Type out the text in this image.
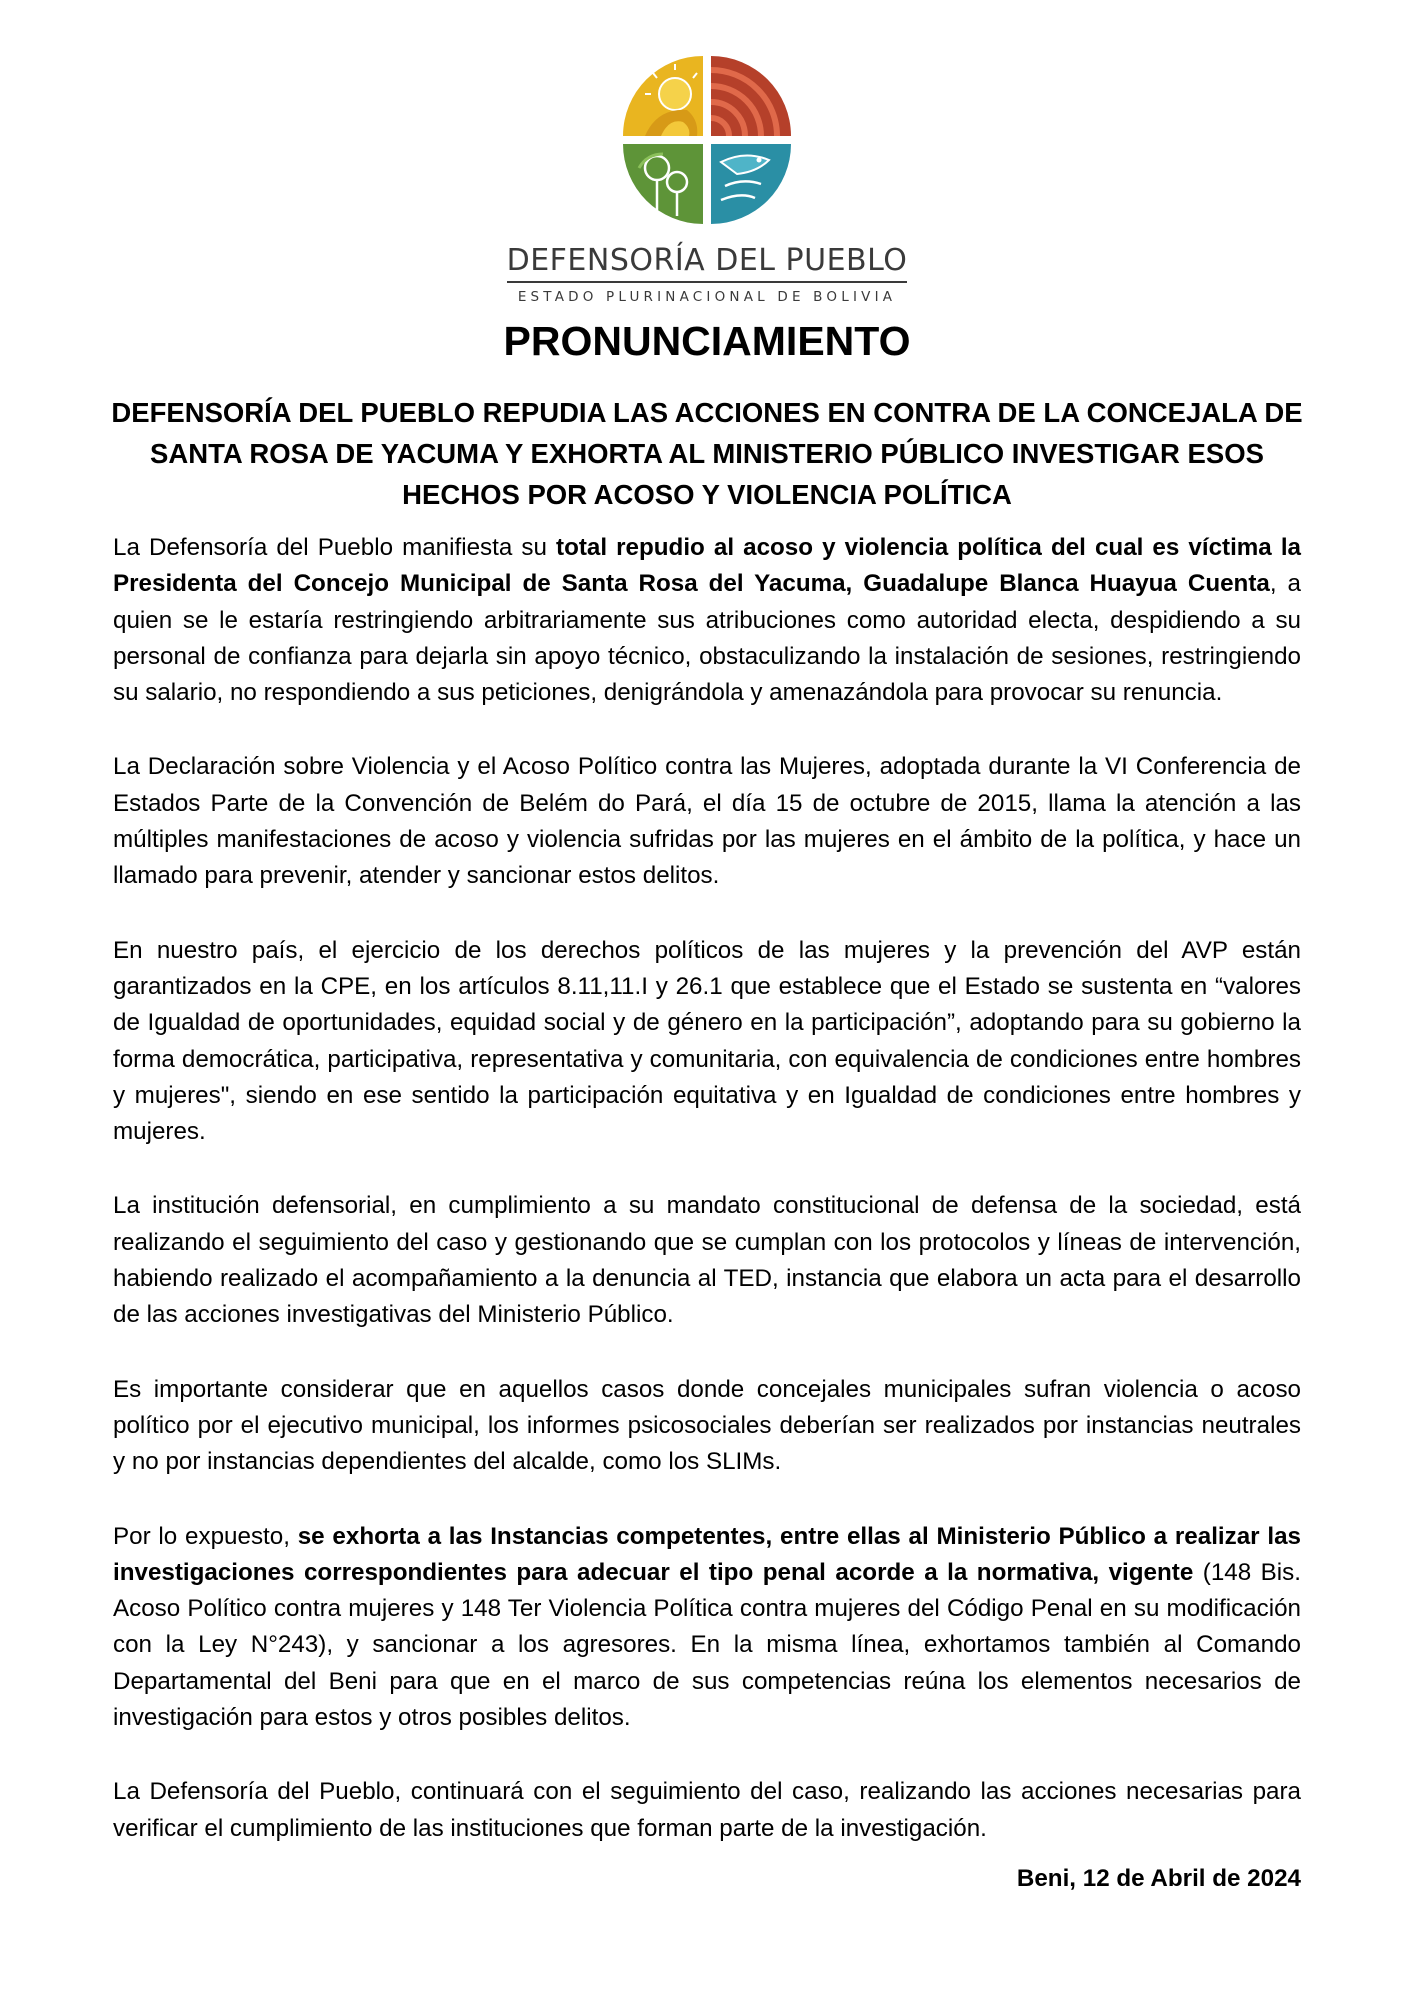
DEFENSORÍA DEL PUEBLO
ESTADO PLURINACIONAL DE BOLIVIA
PRONUNCIAMIENTO
DEFENSORÍA DEL PUEBLO REPUDIA LAS ACCIONES EN CONTRA DE LA CONCEJALA DE SANTA ROSA DE YACUMA Y EXHORTA AL MINISTERIO PÚBLICO INVESTIGAR ESOS HECHOS POR ACOSO Y VIOLENCIA POLÍTICA

La Defensoría del Pueblo manifiesta su total repudio al acoso y violencia política del cual es víctima la Presidenta del Concejo Municipal de Santa Rosa del Yacuma, Guadalupe Blanca Huayua Cuenta, a quien se le estaría restringiendo arbitrariamente sus atribuciones como autoridad electa, despidiendo a su personal de confianza para dejarla sin apoyo técnico, obstaculizando la instalación de sesiones, restringiendo su salario, no respondiendo a sus peticiones, denigrándola y amenazándola para provocar su renuncia.

La Declaración sobre Violencia y el Acoso Político contra las Mujeres, adoptada durante la VI Conferencia de Estados Parte de la Convención de Belém do Pará, el día 15 de octubre de 2015, llama la atención a las múltiples manifestaciones de acoso y violencia sufridas por las mujeres en el ámbito de la política, y hace un llamado para prevenir, atender y sancionar estos delitos.

En nuestro país, el ejercicio de los derechos políticos de las mujeres y la prevención del AVP están garantizados en la CPE, en los artículos 8.11,11.I y 26.1 que establece que el Estado se sustenta en “valores de Igualdad de oportunidades, equidad social y de género en la participación”, adoptando para su gobierno la forma democrática, participativa, representativa y comunitaria, con equivalencia de condiciones entre hombres y mujeres", siendo en ese sentido la participación equitativa y en Igualdad de condiciones entre hombres y mujeres.

La institución defensorial, en cumplimiento a su mandato constitucional de defensa de la sociedad, está realizando el seguimiento del caso y gestionando que se cumplan con los protocolos y líneas de intervención, habiendo realizado el acompañamiento a la denuncia al TED, instancia que elabora un acta para el desarrollo de las acciones investigativas del Ministerio Público.

Es importante considerar que en aquellos casos donde concejales municipales sufran violencia o acoso político por el ejecutivo municipal, los informes psicosociales deberían ser realizados por instancias neutrales y no por instancias dependientes del alcalde, como los SLIMs.

Por lo expuesto, se exhorta a las Instancias competentes, entre ellas al Ministerio Público a realizar las investigaciones correspondientes para adecuar el tipo penal acorde a la normativa, vigente (148 Bis. Acoso Político contra mujeres y 148 Ter Violencia Política contra mujeres del Código Penal en su modificación con la Ley N°243), y sancionar a los agresores. En la misma línea, exhortamos también al Comando Departamental del Beni para que en el marco de sus competencias reúna los elementos necesarios de investigación para estos y otros posibles delitos.

La Defensoría del Pueblo, continuará con el seguimiento del caso, realizando las acciones necesarias para verificar el cumplimiento de las instituciones que forman parte de la investigación.

Beni, 12 de Abril de 2024
